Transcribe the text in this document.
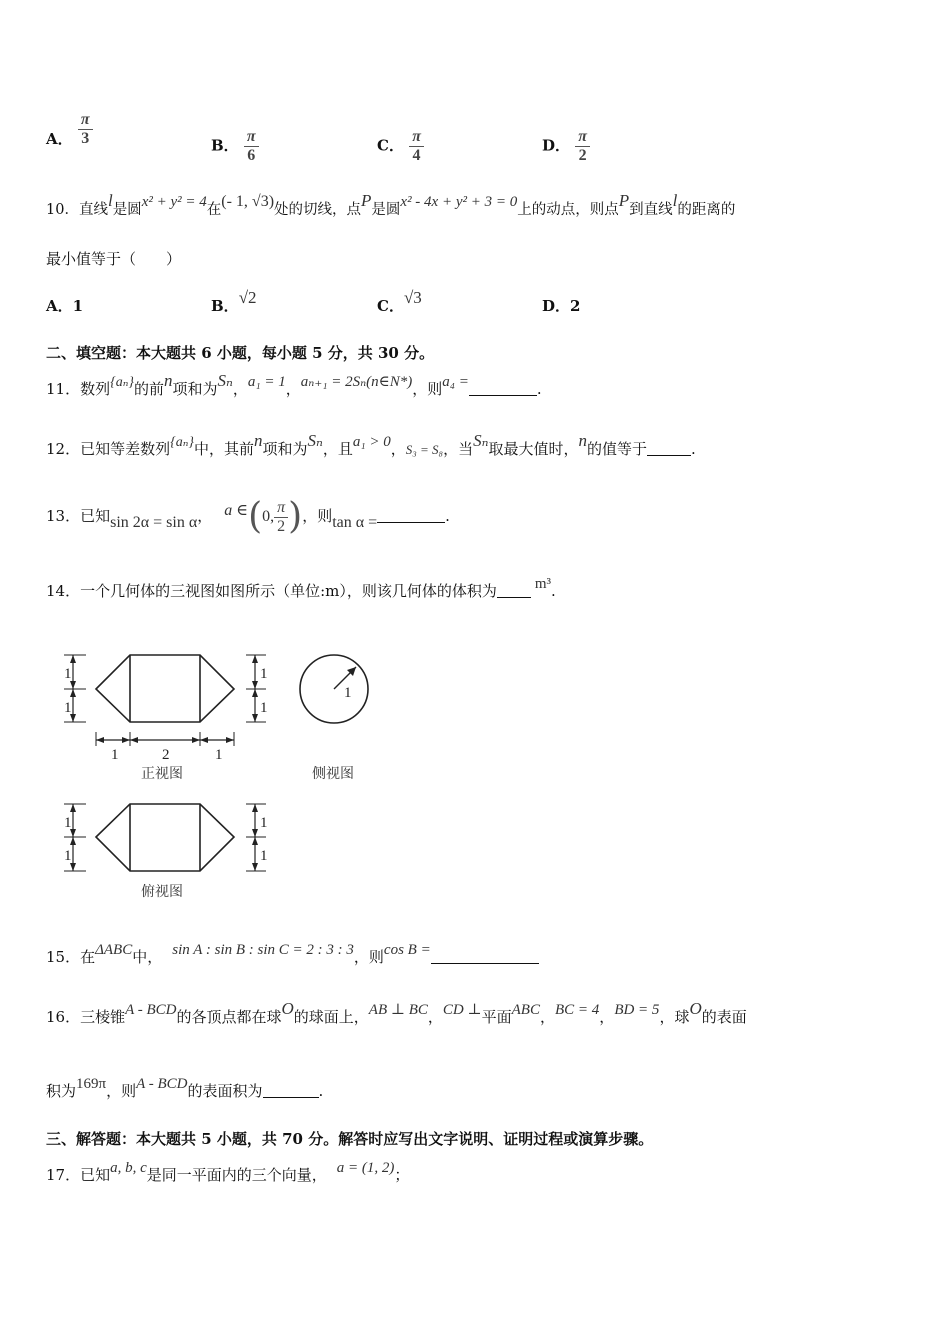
A． $\frac{\pi}{3}$	B． $\frac{\pi}{6}$	C． $\frac{\pi}{4}$	D． $\frac{\pi}{2}$
10．直线l是圆x² + y² = 4在(- 1, √3)处的切线，点P是圆x² - 4x + y² + 3 = 0上的动点，则点P到直线l的距离的
最小值等于（　　）
A．1	B．√2	C．√3	D．2
二、填空题：本大题共 6 小题，每小题 5 分，共 30 分。
11．数列{aₙ}的前n项和为Sₙ，a₁ = 1，aₙ₊₁ = 2Sₙ(n∈N*)，则a₄ =	.
12．已知等差数列{aₙ}中，其前n项和为Sₙ，且a₁ > 0，S₃ = S₈，当Sₙ取最大值时，n的值等于	.
13．已知sin 2α = sin α， a ∈(0, $\frac{\pi}{2}$ )，则tan α =	.
14．一个几何体的三视图如图所示（单位:m），则该几何体的体积为	m³.
1
1
1
1
1	2	1
1
1
1
1
1
正视图	侧视图
俯视图
15．在ΔABC中， sin A : sin B : sin C = 2 : 3 : 3，则cos B =
16．三棱锥A - BCD的各顶点都在球O的球面上，AB ⊥ BC，CD ⊥平面ABC，BC = 4，BD = 5，球O的表面
积为169π，则A - BCD的表面积为	.
三、解答题：本大题共 5 小题，共 70 分。解答时应写出文字说明、证明过程或演算步骤。
17．已知a, b, c是同一平面内的三个向量， a = (1, 2)；
